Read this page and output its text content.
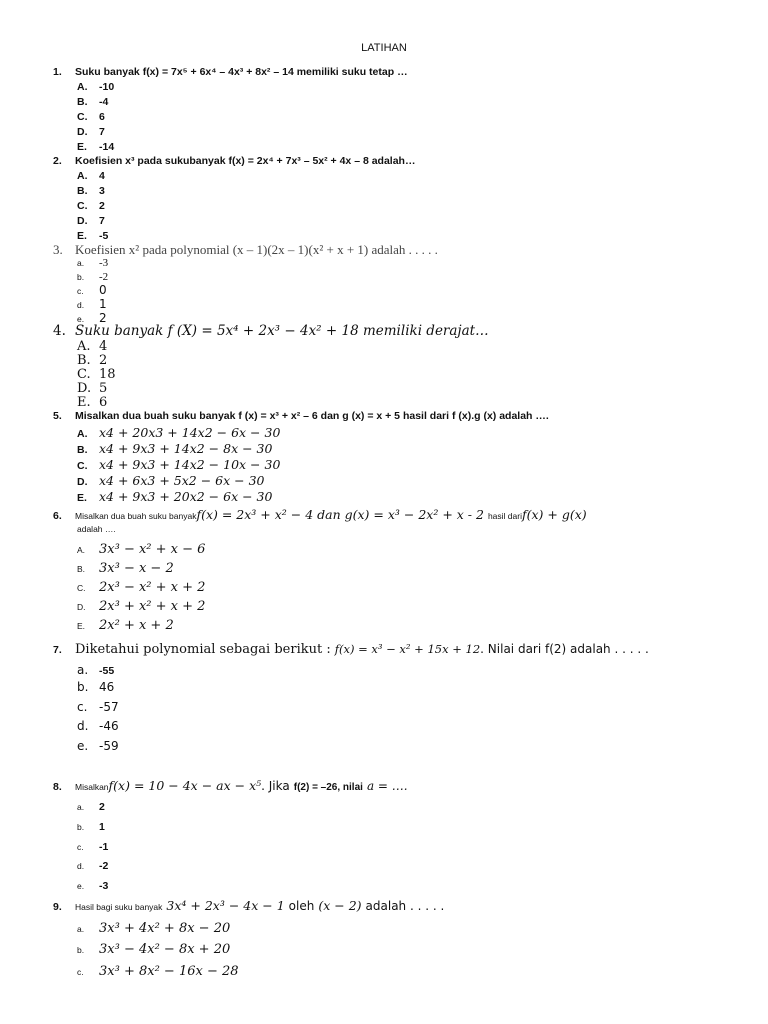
LATIHAN
1. Suku banyak f(x) = 7x⁵ + 6x⁴ – 4x³ + 8x² – 14 memiliki suku tetap …
A. -10
B. -4
C. 6
D. 7
E. -14
2. Koefisien x³ pada sukubanyak f(x) = 2x⁴ + 7x³ – 5x² + 4x – 8 adalah…
A. 4
B. 3
C. 2
D. 7
E. -5
3. Koefisien x² pada polynomial (x – 1)(2x – 1)(x² + x + 1) adalah . . . . .
a. -3
b. -2
c. 0
d. 1
e. 2
4. Suku banyak f (X) = 5x⁴ + 2x³ − 4x² + 18 memiliki derajat…
A. 4
B. 2
C. 18
D. 5
E. 6
5. Misalkan dua buah suku banyak f (x) = x³ + x² – 6 dan g (x) = x + 5 hasil dari f (x).g (x) adalah ….
A. x4 + 20x3 + 14x2 − 6x − 30
B. x4 + 9x3 + 14x2 − 8x − 30
C. x4 + 9x3 + 14x2 − 10x − 30
D. x4 + 6x3 + 5x2 − 6x − 30
E. x4 + 9x3 + 20x2 − 6x − 30
6. Misalkan dua buah suku banyakf(x) = 2x³ + x² − 4 dan g(x) = x³ − 2x² + x - 2 hasil darif(x) + g(x)
adalah ….
A. 3x³ − x² + x − 6
B. 3x³ − x − 2
C. 2x³ − x² + x + 2
D. 2x³ + x² + x + 2
E. 2x² + x + 2
7. Diketahui polynomial sebagai berikut : f(x) = x³ − x² + 15x + 12. Nilai dari f(2) adalah . . . . .
a. -55
b. 46
c. -57
d. -46
e. -59
8. Misalkanf(x) = 10 − 4x − ax − x⁵. Jika f(2) = –26, nilai a = ….
a. 2
b. 1
c. -1
d. -2
e. -3
9. Hasil bagi suku banyak 3x⁴ + 2x³ − 4x − 1 oleh (x − 2) adalah . . . . .
a. 3x³ + 4x² + 8x − 20
b. 3x³ − 4x² − 8x + 20
c. 3x³ + 8x² − 16x − 28
